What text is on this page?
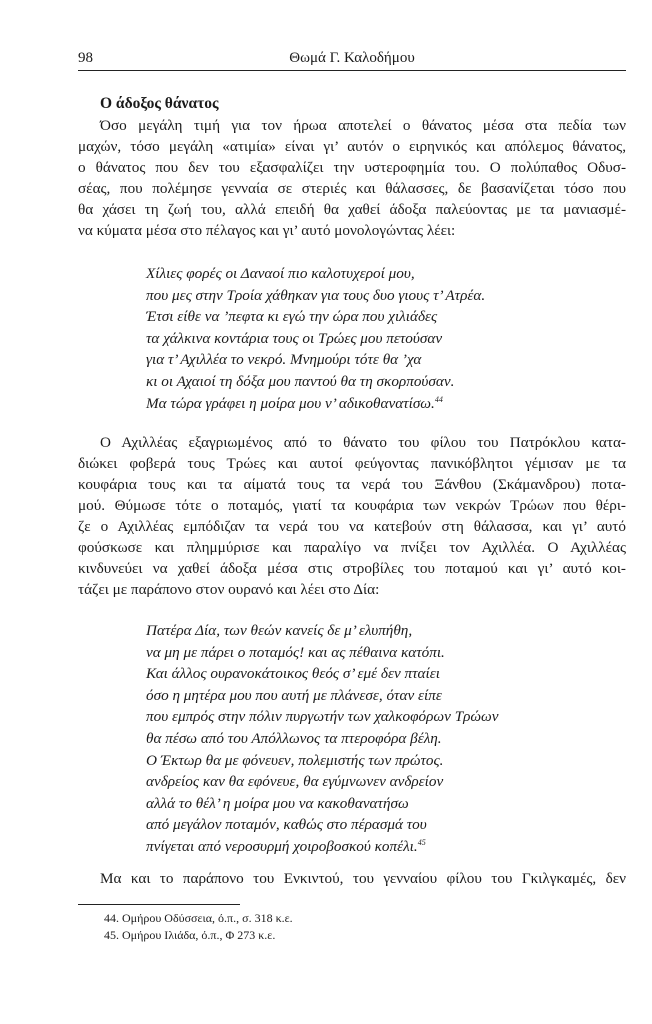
98	Θωμά Γ. Καλοδήμου
Ο άδοξος θάνατος
Όσο μεγάλη τιμή για τον ήρωα αποτελεί ο θάνατος μέσα στα πεδία των
μαχών, τόσο μεγάλη «ατιμία» είναι γι’ αυτόν ο ειρηνικός και απόλεμος θάνατος,
ο θάνατος που δεν του εξασφαλίζει την υστεροφημία του. Ο πολύπαθος Οδυσ-
σέας, που πολέμησε γενναία σε στεριές και θάλασσες, δε βασανίζεται τόσο που
θα χάσει τη ζωή του, αλλά επειδή θα χαθεί άδοξα παλεύοντας με τα μανιασμέ-
να κύματα μέσα στο πέλαγος και γι’ αυτό μονολογώντας λέει:
Χίλιες φορές οι Δαναοί πιο καλοτυχεροί μου,
που μες στην Τροία χάθηκαν για τους δυο γιους τ’ Ατρέα.
Έτσι είθε να ’πεφτα κι εγώ την ώρα που χιλιάδες
τα χάλκινα κοντάρια τους οι Τρώες μου πετούσαν
για τ’ Αχιλλέα το νεκρό. Μνημούρι τότε θα ’χα
κι οι Αχαιοί τη δόξα μου παντού θα τη σκορπούσαν.
Μα τώρα γράφει η μοίρα μου ν’ αδικοθανατίσω.$^{44}$
Ο Αχιλλέας εξαγριωμένος από το θάνατο του φίλου του Πατρόκλου κατα-
διώκει φοβερά τους Τρώες και αυτοί φεύγοντας πανικόβλητοι γέμισαν με τα
κουφάρια τους και τα αίματά τους τα νερά του Ξάνθου (Σκάμανδρου) ποτα-
μού. Θύμωσε τότε ο ποταμός, γιατί τα κουφάρια των νεκρών Τρώων που θέρι-
ζε ο Αχιλλέας εμπόδιζαν τα νερά του να κατεβούν στη θάλασσα, και γι’ αυτό
φούσκωσε και πλημμύρισε και παραλίγο να πνίξει τον Αχιλλέα. Ο Αχιλλέας
κινδυνεύει να χαθεί άδοξα μέσα στις στροβίλες του ποταμού και γι’ αυτό κοι-
τάζει με παράπονο στον ουρανό και λέει στο Δία:
Πατέρα Δία, των θεών κανείς δε μ’ ελυπήθη,
να μη με πάρει ο ποταμός! και ας πέθαινα κατόπι.
Και άλλος ουρανοκάτοικος θεός σ’ εμέ δεν πταίει
όσο η μητέρα μου που αυτή με πλάνεσε, όταν είπε
που εμπρός στην πόλιν πυργωτήν των χαλκοφόρων Τρώων
θα πέσω από του Απόλλωνος τα πτεροφόρα βέλη.
Ο Έκτωρ θα με φόνευεν, πολεμιστής των πρώτος.
ανδρείος καν θα εφόνευε, θα εγύμνωνεν ανδρείον
αλλά το θέλ’ η μοίρα μου να κακοθανατήσω
από μεγάλον ποταμόν, καθώς στο πέρασμά του
πνίγεται από νεροσυρμή χοιροβοσκού κοπέλι.$^{45}$
Μα και το παράπονο του Ενκιντού, του γενναίου φίλου του Γκιλγκαμές, δεν
44. Ομήρου Οδύσσεια, ό.π., σ. 318 κ.ε.
45. Ομήρου Ιλιάδα, ό.π., Φ 273 κ.ε.
